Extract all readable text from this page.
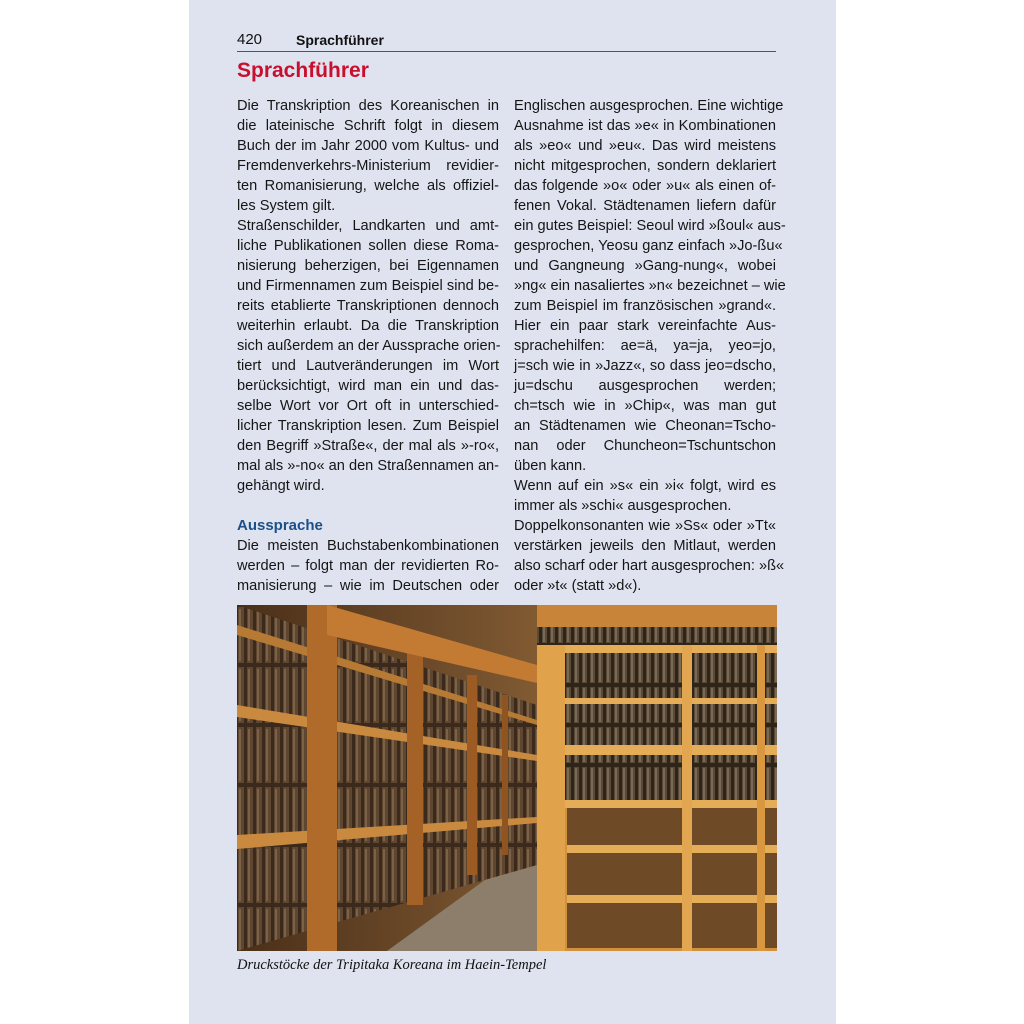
420 Sprachführer
Sprachführer
Die Transkription des Koreanischen in
die lateinische Schrift folgt in diesem
Buch der im Jahr 2000 vom Kultus- und
Fremdenverkehrs-Ministerium revidier-
ten Romanisierung, welche als offiziel-
les System gilt.
Straßenschilder, Landkarten und amt-
liche Publikationen sollen diese Roma-
nisierung beherzigen, bei Eigennamen
und Firmennamen zum Beispiel sind be-
reits etablierte Transkriptionen dennoch
weiterhin erlaubt. Da die Transkription
sich außerdem an der Aussprache orien-
tiert und Lautveränderungen im Wort
berücksichtigt, wird man ein und das-
selbe Wort vor Ort oft in unterschied-
licher Transkription lesen. Zum Beispiel
den Begriff »Straße«, der mal als »-ro«,
mal als »-no« an den Straßennamen an-
gehängt wird.
Aussprache
Die meisten Buchstabenkombinationen
werden – folgt man der revidierten Ro-
manisierung – wie im Deutschen oder
Englischen ausgesprochen. Eine wichtige
Ausnahme ist das »e« in Kombinationen
als »eo« und »eu«. Das wird meistens
nicht mitgesprochen, sondern deklariert
das folgende »o« oder »u« als einen of-
fenen Vokal. Städtenamen liefern dafür
ein gutes Beispiel: Seoul wird »ßoul« aus-
gesprochen, Yeosu ganz einfach »Jo-ßu«
und Gangneung »Gang-nung«, wobei
»ng« ein nasaliertes »n« bezeichnet – wie
zum Beispiel im französischen »grand«.
Hier ein paar stark vereinfachte Aus-
sprachehilfen: ae=ä, ya=ja, yeo=jo,
j=sch wie in »Jazz«, so dass jeo=dscho,
ju=dschu ausgesprochen werden;
ch=tsch wie in »Chip«, was man gut
an Städtenamen wie Cheonan=Tscho-
nan oder Chuncheon=Tschuntschon
üben kann.
Wenn auf ein »s« ein »i« folgt, wird es
immer als »schi« ausgesprochen.
Doppelkonsonanten wie »Ss« oder »Tt«
verstärken jeweils den Mitlaut, werden
also scharf oder hart ausgesprochen: »ß«
oder »t« (statt »d«).
Druckstöcke der Tripitaka Koreana im Haein-Tempel
